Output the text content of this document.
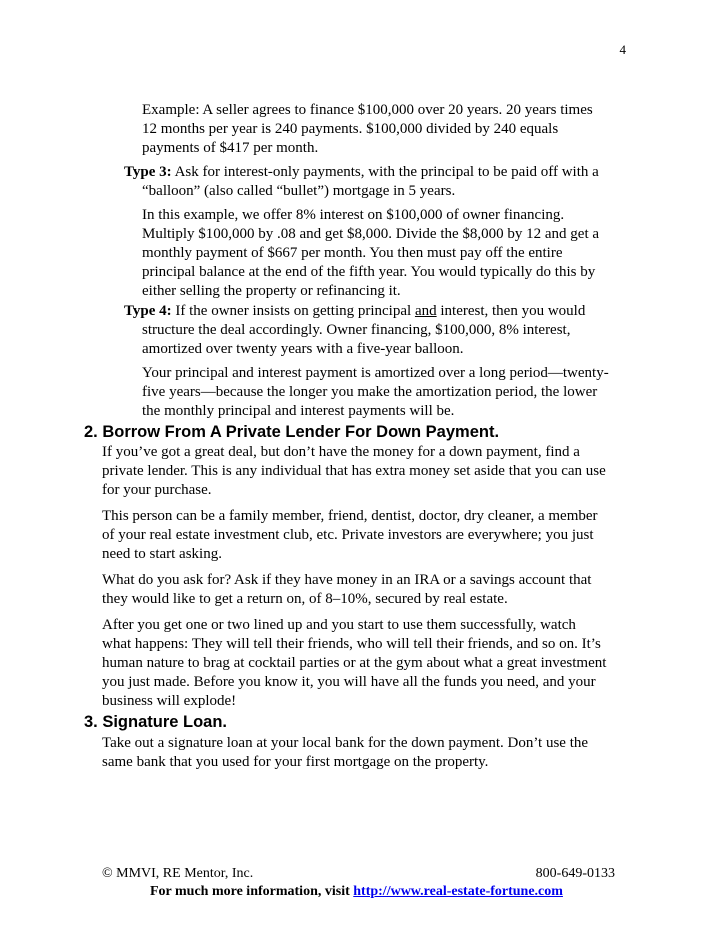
4
Example: A seller agrees to finance $100,000 over 20 years. 20 years times
12 months per year is 240 payments. $100,000 divided by 240 equals
payments of $417 per month.
Type 3: Ask for interest-only payments, with the principal to be paid off with a
“balloon” (also called “bullet”) mortgage in 5 years.
In this example, we offer 8% interest on $100,000 of owner financing.
Multiply $100,000 by .08 and get $8,000. Divide the $8,000 by 12 and get a
monthly payment of $667 per month. You then must pay off the entire
principal balance at the end of the fifth year. You would typically do this by
either selling the property or refinancing it.
Type 4: If the owner insists on getting principal and interest, then you would
structure the deal accordingly. Owner financing, $100,000, 8% interest,
amortized over twenty years with a five-year balloon.
Your principal and interest payment is amortized over a long period—twenty-
five years—because the longer you make the amortization period, the lower
the monthly principal and interest payments will be.
2. Borrow From A Private Lender For Down Payment.
If you’ve got a great deal, but don’t have the money for a down payment, find a
private lender. This is any individual that has extra money set aside that you can use
for your purchase.
This person can be a family member, friend, dentist, doctor, dry cleaner, a member
of your real estate investment club, etc. Private investors are everywhere; you just
need to start asking.
What do you ask for? Ask if they have money in an IRA or a savings account that
they would like to get a return on, of 8–10%, secured by real estate.
After you get one or two lined up and you start to use them successfully, watch
what happens: They will tell their friends, who will tell their friends, and so on. It’s
human nature to brag at cocktail parties or at the gym about what a great investment
you just made. Before you know it, you will have all the funds you need, and your
business will explode!
3. Signature Loan.
Take out a signature loan at your local bank for the down payment. Don’t use the
same bank that you used for your first mortgage on the property.
© MMVI, RE Mentor, Inc.	800-649-0133
For much more information, visit http://www.real-estate-fortune.com
